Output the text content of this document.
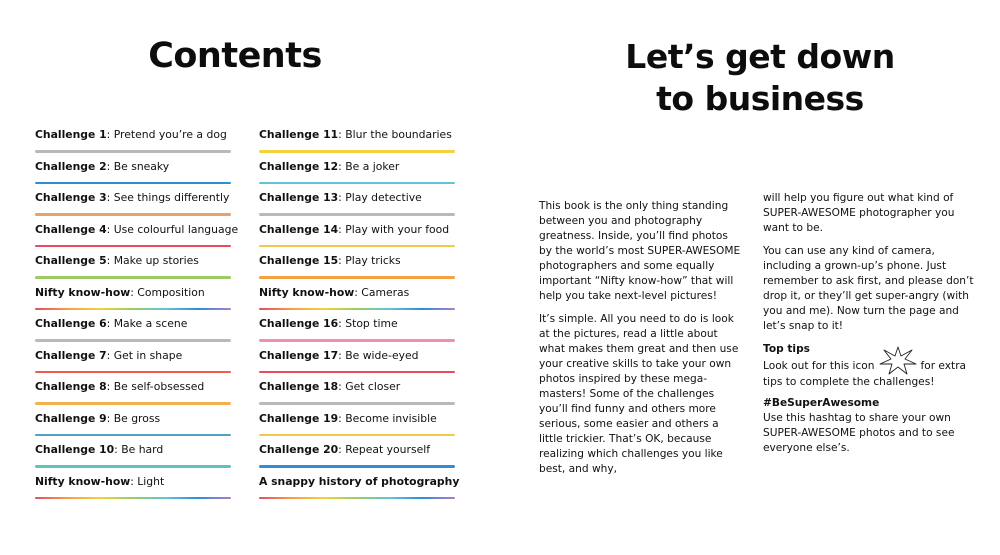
Contents
Challenge 1: Pretend you’re a dog
Challenge 2: Be sneaky
Challenge 3: See things differently
Challenge 4: Use colourful language
Challenge 5: Make up stories
Nifty know-how: Composition
Challenge 6: Make a scene
Challenge 7: Get in shape
Challenge 8: Be self-obsessed
Challenge 9: Be gross
Challenge 10: Be hard
Nifty know-how: Light
Challenge 11: Blur the boundaries
Challenge 12: Be a joker
Challenge 13: Play detective
Challenge 14: Play with your food
Challenge 15: Play tricks
Nifty know-how: Cameras
Challenge 16: Stop time
Challenge 17: Be wide-eyed
Challenge 18: Get closer
Challenge 19: Become invisible
Challenge 20: Repeat yourself
A snappy history of photography
Let’s get down
to business

This book is the only thing standing between you and photography greatness. Inside, you’ll find photos by the world’s most SUPER-AWESOME photographers and some equally important “Nifty know-how” that will help you take next-level pictures!

It’s simple. All you need to do is look at the pictures, read a little about what makes them great and then use your creative skills to take your own photos inspired by these mega-masters! Some of the challenges you’ll find funny and others more serious, some easier and others a little trickier. That’s OK, because realizing which challenges you like best, and why,

will help you figure out what kind of SUPER-AWESOME photographer you want to be.

You can use any kind of camera, including a grown-up’s phone. Just remember to ask first, and please don’t drop it, or they’ll get super-angry (with you and me). Now turn the page and let’s snap to it!

Top tips
Look out for this icon	for extra tips to complete the challenges!

#BeSuperAwesome
Use this hashtag to share your own SUPER-AWESOME photos and to see everyone else’s.
